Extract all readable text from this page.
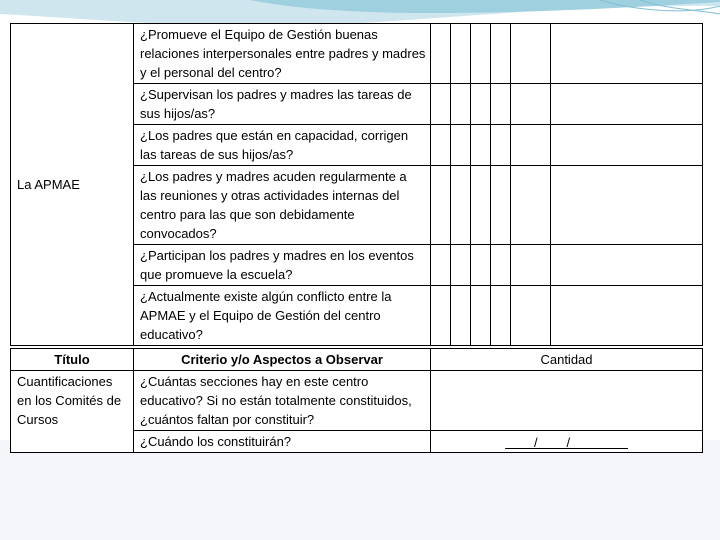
La APMAE	¿Promueve el Equipo de Gestión buenas relaciones interpersonales entre padres y madres y el personal del centro?						
	¿Supervisan los padres y madres las tareas de sus hijos/as?						
	¿Los padres que están en capacidad, corrigen las tareas de sus hijos/as?						
	¿Los padres y madres acuden regularmente a las reuniones y otras actividades internas del centro para las que son debidamente convocados?						
	¿Participan los padres y madres en los eventos que promueve la escuela?						
	¿Actualmente existe algún conflicto entre la APMAE y el Equipo de Gestión del centro educativo?						
Título	Criterio y/o Aspectos a Observar	Cantidad
Cuantificaciones en los Comités de Cursos	¿Cuántas secciones hay en este centro educativo? Si no están totalmente constituidos, ¿cuántos faltan por constituir?	
	¿Cuándo los constituirán?	/        /
